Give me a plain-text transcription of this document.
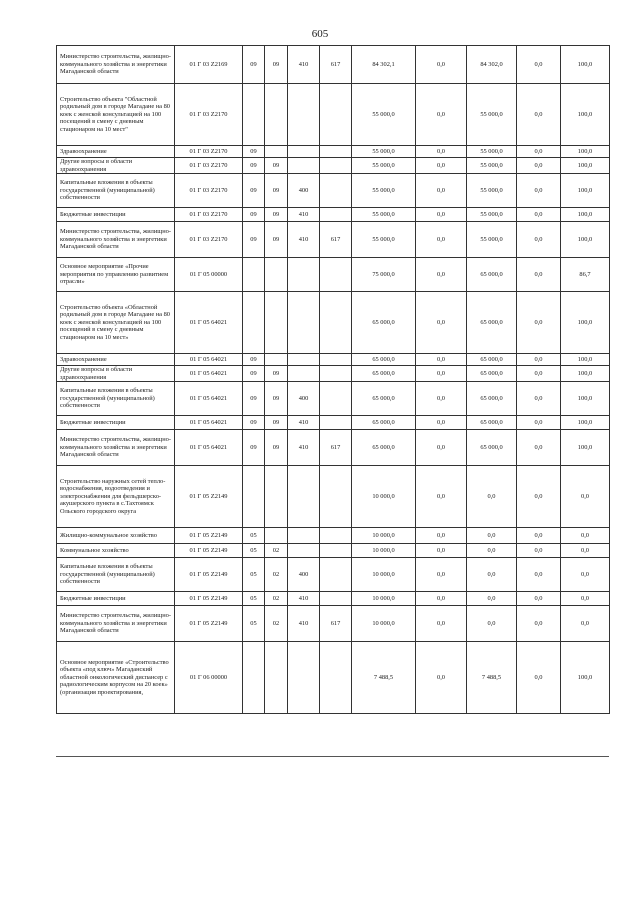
605
Министерство строительства, жилищно-коммунального хозяйства и энергетики Магаданской области	01 Г 03 Z2169	09	09	410	617	84 302,1	0,0	84 302,0	0,0	100,0
Строительство объекта "Областной родильный дом в городе Магадане на 80 коек с женской консультацией на 100 посещений в смену с дневным стационаром на 10 мест"	01 Г 03 Z2170					55 000,0	0,0	55 000,0	0,0	100,0
Здравоохранение	01 Г 03 Z2170	09				55 000,0	0,0	55 000,0	0,0	100,0
Другие вопросы в области здравоохранения	01 Г 03 Z2170	09	09			55 000,0	0,0	55 000,0	0,0	100,0
Капитальные вложения в объекты государственной (муниципальной) собственности	01 Г 03 Z2170	09	09	400		55 000,0	0,0	55 000,0	0,0	100,0
Бюджетные инвестиции	01 Г 03 Z2170	09	09	410		55 000,0	0,0	55 000,0	0,0	100,0
Министерство строительства, жилищно-коммунального хозяйства и энергетики Магаданской области	01 Г 03 Z2170	09	09	410	617	55 000,0	0,0	55 000,0	0,0	100,0
Основное мероприятие «Прочие мероприятия по управлению развитием отрасли»	01 Г 05 00000					75 000,0	0,0	65 000,0	0,0	86,7
Строительство объекта «Областной родильный дом в городе Магадане на 80 коек с женской консультацией на 100 посещений в смену с дневным стационаром на 10 мест»	01 Г 05 64021					65 000,0	0,0	65 000,0	0,0	100,0
Здравоохранение	01 Г 05 64021	09				65 000,0	0,0	65 000,0	0,0	100,0
Другие вопросы в области здравоохранения	01 Г 05 64021	09	09			65 000,0	0,0	65 000,0	0,0	100,0
Капитальные вложения в объекты государственной (муниципальной) собственности	01 Г 05 64021	09	09	400		65 000,0	0,0	65 000,0	0,0	100,0
Бюджетные инвестиции	01 Г 05 64021	09	09	410		65 000,0	0,0	65 000,0	0,0	100,0
Министерство строительства, жилищно-коммунального хозяйства и энергетики Магаданской области	01 Г 05 64021	09	09	410	617	65 000,0	0,0	65 000,0	0,0	100,0
Строительство наружных сетей тепло-водоснабжения, водоотведения и электроснабжения для фельдшерско-акушерского пункта в с.Тахтоямск Ольского городского округа	01 Г 05 Z2149					10 000,0	0,0	0,0	0,0	0,0
Жилищно-коммунальное хозяйство	01 Г 05 Z2149	05				10 000,0	0,0	0,0	0,0	0,0
Коммунальное хозяйство	01 Г 05 Z2149	05	02			10 000,0	0,0	0,0	0,0	0,0
Капитальные вложения в объекты государственной (муниципальной) собственности	01 Г 05 Z2149	05	02	400		10 000,0	0,0	0,0	0,0	0,0
Бюджетные инвестиции	01 Г 05 Z2149	05	02	410		10 000,0	0,0	0,0	0,0	0,0
Министерство строительства, жилищно-коммунального хозяйства и энергетики Магаданской области	01 Г 05 Z2149	05	02	410	617	10 000,0	0,0	0,0	0,0	0,0
Основное мероприятие «Строительство объекта «под ключ» Магаданский областной онкологический диспансер с радиологическим корпусом на 20 коек» (организация проектирования,	01 Г 06 00000					7 488,5	0,0	7 488,5	0,0	100,0
